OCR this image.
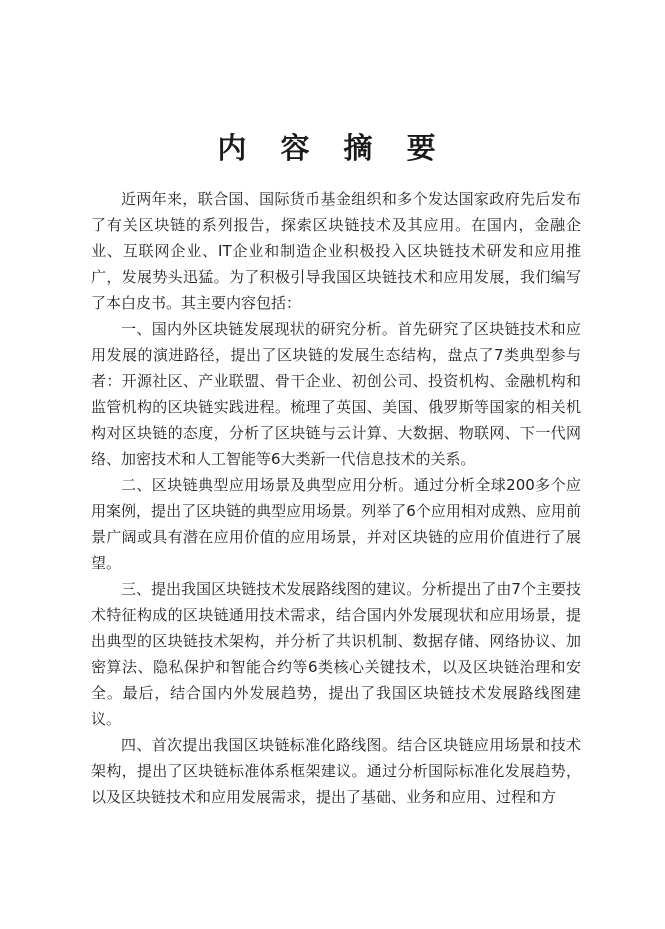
内 容 摘 要

近两年来，联合国、国际货币基金组织和多个发达国家政府先后发布了有关区块链的系列报告，探索区块链技术及其应用。在国内，金融企业、互联网企业、IT企业和制造企业积极投入区块链技术研发和应用推广，发展势头迅猛。为了积极引导我国区块链技术和应用发展，我们编写了本白皮书。其主要内容包括：

一、国内外区块链发展现状的研究分析。首先研究了区块链技术和应用发展的演进路径，提出了区块链的发展生态结构，盘点了7类典型参与者：开源社区、产业联盟、骨干企业、初创公司、投资机构、金融机构和监管机构的区块链实践进程。梳理了英国、美国、俄罗斯等国家的相关机构对区块链的态度，分析了区块链与云计算、大数据、物联网、下一代网络、加密技术和人工智能等6大类新一代信息技术的关系。

二、区块链典型应用场景及典型应用分析。通过分析全球200多个应用案例，提出了区块链的典型应用场景。列举了6个应用相对成熟、应用前景广阔或具有潜在应用价值的应用场景，并对区块链的应用价值进行了展望。

三、提出我国区块链技术发展路线图的建议。分析提出了由7个主要技术特征构成的区块链通用技术需求，结合国内外发展现状和应用场景，提出典型的区块链技术架构，并分析了共识机制、数据存储、网络协议、加密算法、隐私保护和智能合约等6类核心关键技术，以及区块链治理和安全。最后，结合国内外发展趋势，提出了我国区块链技术发展路线图建议。

四、首次提出我国区块链标准化路线图。结合区块链应用场景和技术架构，提出了区块链标准体系框架建议。通过分析国际标准化发展趋势，以及区块链技术和应用发展需求，提出了基础、业务和应用、过程和方
